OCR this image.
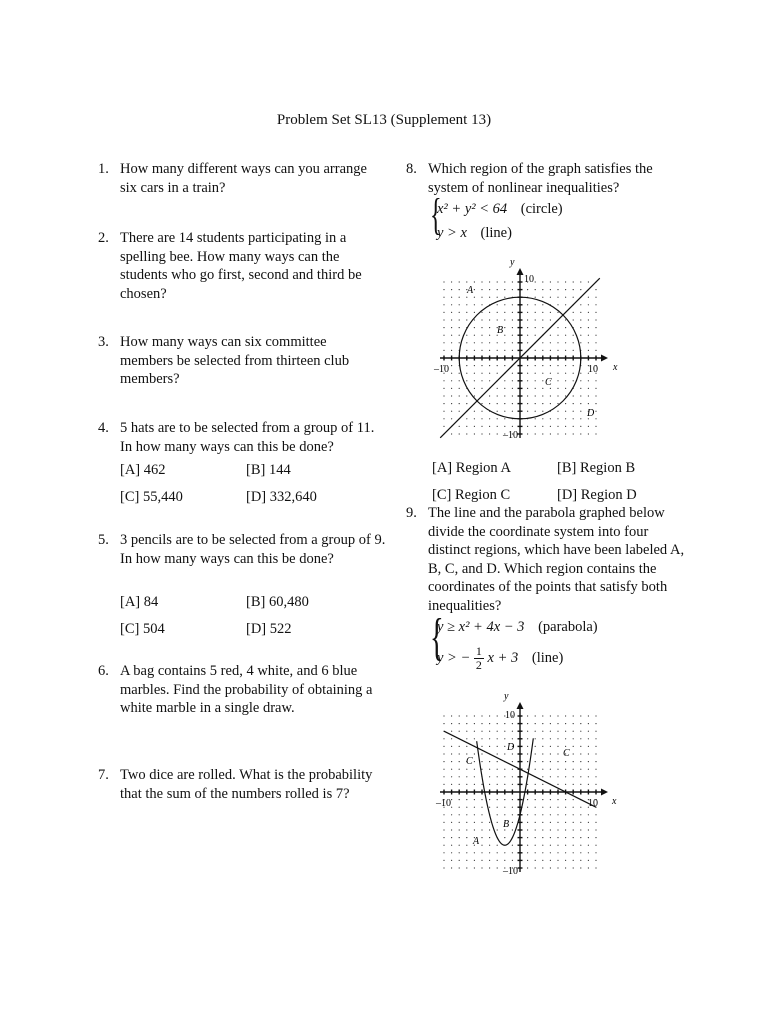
Problem Set SL13 (Supplement 13)
1. How many different ways can you arrange six cars in a train?
2. There are 14 students participating in a spelling bee. How many ways can the students who go first, second and third be chosen?
3. How many ways can six committee members be selected from thirteen club members?
4. 5 hats are to be selected from a group of 11. In how many ways can this be done?
[A] 462	[B] 144
[C] 55,440	[D] 332,640
5. 3 pencils are to be selected from a group of 9. In how many ways can this be done?
[A] 84	[B] 60,480
[C] 504	[D] 522
6. A bag contains 5 red, 4 white, and 6 blue marbles. Find the probability of obtaining a white marble in a single draw.
7. Two dice are rolled. What is the probability that the sum of the numbers rolled is 7?
8. Which region of the graph satisfies the system of nonlinear inequalities?
{
x² + y² < 64 (circle)
y > x (line)
y
x
10
–10
–10	10
A
B
C
D
[A] Region A	[B] Region B
[C] Region C	[D] Region D
9. The line and the parabola graphed below divide the coordinate system into four distinct regions, which have been labeled A, B, C, and D. Which region contains the coordinates of the points that satisfy both inequalities?
{
y ≥ x² + 4x − 3 (parabola)
y > − $\frac{1}{2}$ x + 3 (line)
y
x
10
–10
–10	10
A
B
C
C
D
